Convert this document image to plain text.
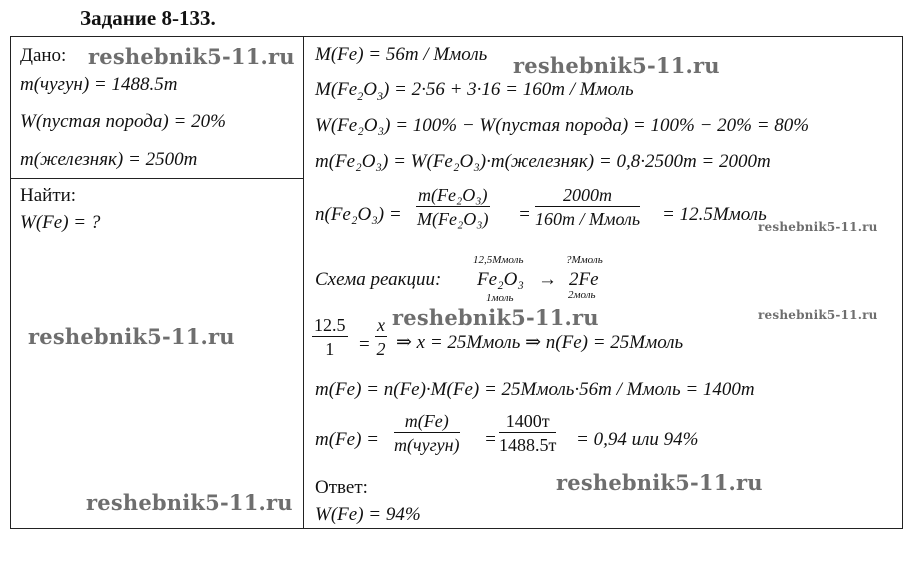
Задание 8-133.
Дано:
m(чугун) = 1488.5т
W(пустая порода) = 20%
m(железняк) = 2500т
Найти:
W(Fe) = ?
M(Fe) = 56т / Mмоль
$M(Fe_2O_3) = 2\cdot 56 + 3\cdot 16 = 160т$ / Mмоль
W(Fe₂O₃) = 100% − W(пустая порода) = 100% − 20% = 80%
m(Fe₂O₃) = W(Fe₂O₃)·m(железняк) = 0,8·2500т = 2000т
$n(Fe_2O_3) = \frac{\text{m(Fe₂O₃)}}{\text{M(Fe₂O₃)}}$ =
2000т
160т / Mмоль = 12.5Mмоль
Схема реакции:
12,5Mмоль	?Mмоль
Fe₂O₃ → 2Fe
1моль	2моль
$\frac{12.5}{1} = \frac{x}{2}$ ⇒ x = 25Mмоль ⇒ n(Fe) = 25Mмоль
m(Fe) = n(Fe)·M(Fe) = 25Mмоль·56т / Mмоль = 1400т
m(Fe) =
m(Fe)
m(чугун) =
1400т
1488.5т = 0,94 или 94%
Ответ:
W(Fe) = 94%
reshebnik5-11.ru	reshebnik5-11.ru
reshebnik5-11.ru
reshebnik5-11.ru
reshebnik5-11.ru	reshebnik5-11.ru
reshebnik5-11.ru
reshebnik5-11.ru
